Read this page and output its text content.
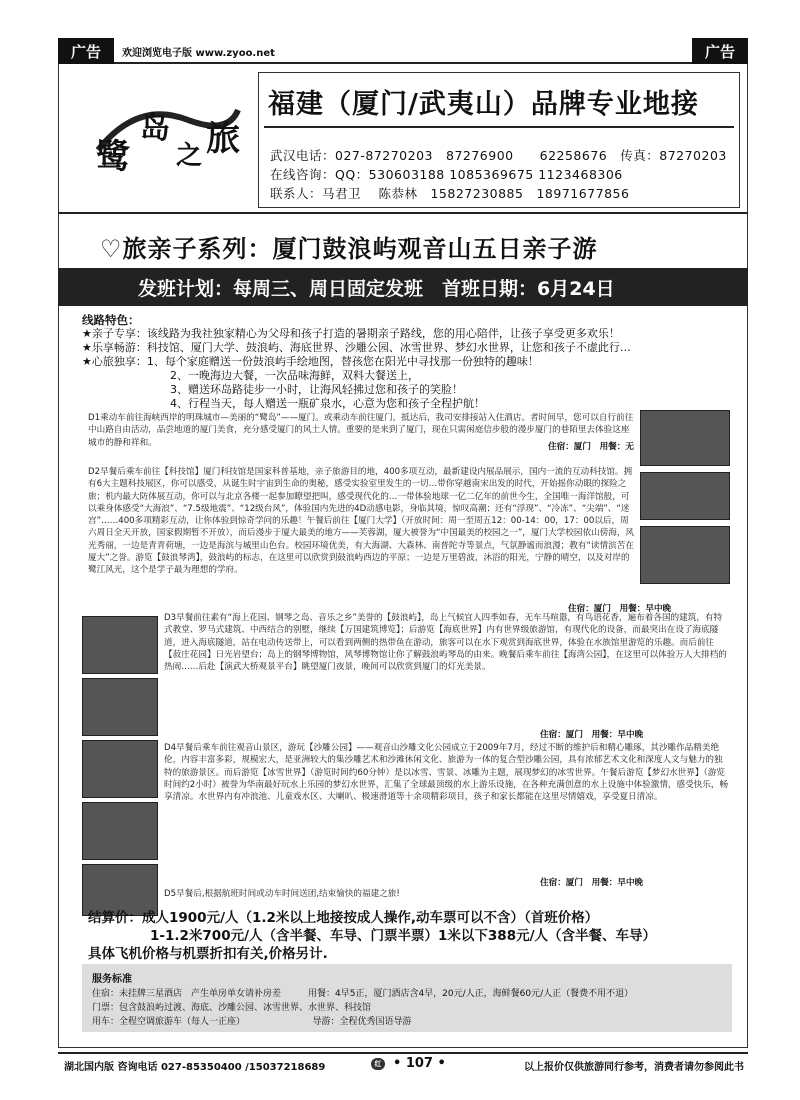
广告	广告
欢迎浏览电子版 www.zyoo.net
鹭
岛
之 旅
福建（厦门/武夷山）品牌专业地接
武汉电话：027-87270203　87276900　　62258676　传真：87270203
在线咨询：QQ：530603188 1085369675 1123468306
联系人：马君卫　 陈恭林　15827230885　18971677856
♡旅亲子系列：厦门鼓浪屿观音山五日亲子游
发班计划：每周三、周日固定发班　首班日期：6月24日
线路特色：
★亲子专享：该线路为我社独家精心为父母和孩子打造的暑期亲子路线，您的用心陪伴，让孩子享受更多欢乐！
★乐享畅游：科技馆、厦门大学、鼓浪屿、海底世界、沙雕公园、冰雪世界、梦幻水世界，让您和孩子不虚此行…
★心旅独享：1、每个家庭赠送一份鼓浪屿手绘地图，替孩您在阳光中寻找那一份独特的趣味！
2、一晚海边大餐，一次品味海鲜，双料大餐送上，
3、赠送环岛路徒步一小时，让海风轻拂过您和孩子的笑脸！
4、行程当天，每人赠送一瓶矿泉水，心意为您和孩子全程护航！
D1乘动车前往海峡西岸的明珠城市—美丽的“鹭岛”——厦门。或乘动车前往厦门，抵达后，我司安排接站入住酒店。者时间早，您可以自行前往中山路自由活动，品尝地道的厦门美食，充分感受厦门的风土人情。重要的是来到了厦门，现在只需闲庭信步般的漫步厦门的巷陌里去体验这座城市的静和祥和。	住宿：厦门　用餐：无
D2早餐后乘车前往【科技馆】厦门科技馆是国家科普基地，亲子旅游目的地，400多项互动，最新建设内展品展示，国内一流的互动科技馆。拥有6大主题科技展区，你可以感受，从诞生时宇宙到生命的奥秘，感受实验室里发生的一切…带你穿越南宋出发的时代，开始摇你动眼的探险之旅；机内最大防体展互动，你可以与北京各楼一起参加瞭望把叫，感受现代化的…一带体验地球一亿二亿年的前世今生，全国唯一海洋馆般，可以乘身体感受“大海浪”、“7.5级地震”、“12级台风”，体验国内先进的4D动感电影，身临其境，惊叹高潮；还有“浮现”、“冷冻”、“尖端”、“迷宫”……400多项精彩互动，让你体验到惊奇学问的乐趣！午餐后前往【厦门大学】（开放时间：周一至周五12：00-14：00，17：00以后，周六周日全天开放，国家假期暂不开放），而后漫步于厦大最美的地方——芙蓉湖，厦大被誉为“中国最美的校园之一”，厦门大学校园依山傍海，风光秀丽，一边是青青荷塘，一边是海滨与城里山色台。校园环境优美，有大海湖、大森林、南普陀寺等景点，气氛静谧而浪漫；教有“读情滨苦在厦大”之誉。游览【鼓浪琴湾】，鼓浪屿的标志，在这里可以欣赏到鼓浪屿西边的平原；一边是万里碧波，沐浴的阳光，宁静的晴空，以及对岸的鹭江风光，这个是学子最为理想的学府。
住宿：厦门　用餐：早中晚
D3早餐前往素有“海上花园、钢琴之岛、音乐之乡”美誉的【鼓浪屿】，岛上气候宜人四季如春，无车马喧嚣，有鸟语花香，遍布着各国的建筑，有特式教堂、罗马式建筑、中西结合的别墅，继续【万国建筑博览】；后游览【海底世界】内有世界级旅游馆，有现代化的设备，而最突出在设了海底隧道，进入海底隧道，站在电动传送带上，可以看到两侧的热带鱼在游动，旅客可以在水下观赏到海底世界，体验在水族馆里游览的乐趣。而后前往【菽庄花园】日光岩望台；岛上的钢琴博物馆，风琴博物馆让你了解鼓浪屿琴岛的由来。晚餐后乘车前往【海湾公园】，在这里可以体验万人大排档的热闹……后赴【演武大桥观景平台】眺望厦门夜景，晚间可以欣赏到厦门的灯光美景。
住宿：厦门　用餐：早中晚
D4早餐后乘车前往观音山景区，游玩【沙雕公园】——观音山沙雕文化公园成立于2009年7月，经过不断的维护后和精心雕琢，其沙雕作品精美绝伦，内容丰富多彩，规模宏大，是亚洲较大的集沙雕艺术和沙滩休闲文化、旅游为一体的复合型沙雕公园，具有浓郁艺术文化和深度人文与魅力的独特的旅游景区。而后游览【冰雪世界】（游览时间约60分钟）是以冰雪、雪景、冰雕为主题，展现梦幻的冰雪世界。午餐后游览【梦幻水世界】（游览时间约2小时）被誉为华南最好玩水上乐园的梦幻水世界，汇集了全球最顶级的水上游乐设施，在各种充满创意的水上设施中体验激情，感受快乐，畅享清凉。水世界内有冲浪池、儿童戏水区、大喇叭、极速滑道等十余项精彩项目，孩子和家长都能在这里尽情嬉戏，享受夏日清凉。
住宿：厦门　用餐：早中晚
D5早餐后,根据航班时间或动车时间送团,结束愉快的福建之旅!
结算价：成人1900元/人（1.2米以上地接按成人操作,动车票可以不含）（首班价格）
1-1.2米700元/人（含半餐、车导、门票半票）1米以下388元/人（含半餐、车导）
具体飞机价格与机票折扣有关,价格另计.
服务标准
住宿：未挂牌三星酒店　产生单房单女请补房差　　　用餐：4早5正，厦门酒店含4早，20元/人正，海鲜餐60元/人正（餐费不用不退）
门票：包含鼓浪屿过渡、海底、沙雕公园、冰雪世界、水世界、科技馆
用车：全程空调旅游车（每人一正座）　　　　　　　　导游：全程优秀国语导游
湖北国内版 咨询电话 027-85350400 /15037218689	红 • 107 •	以上报价仅供旅游同行参考，消费者请勿参阅此书
